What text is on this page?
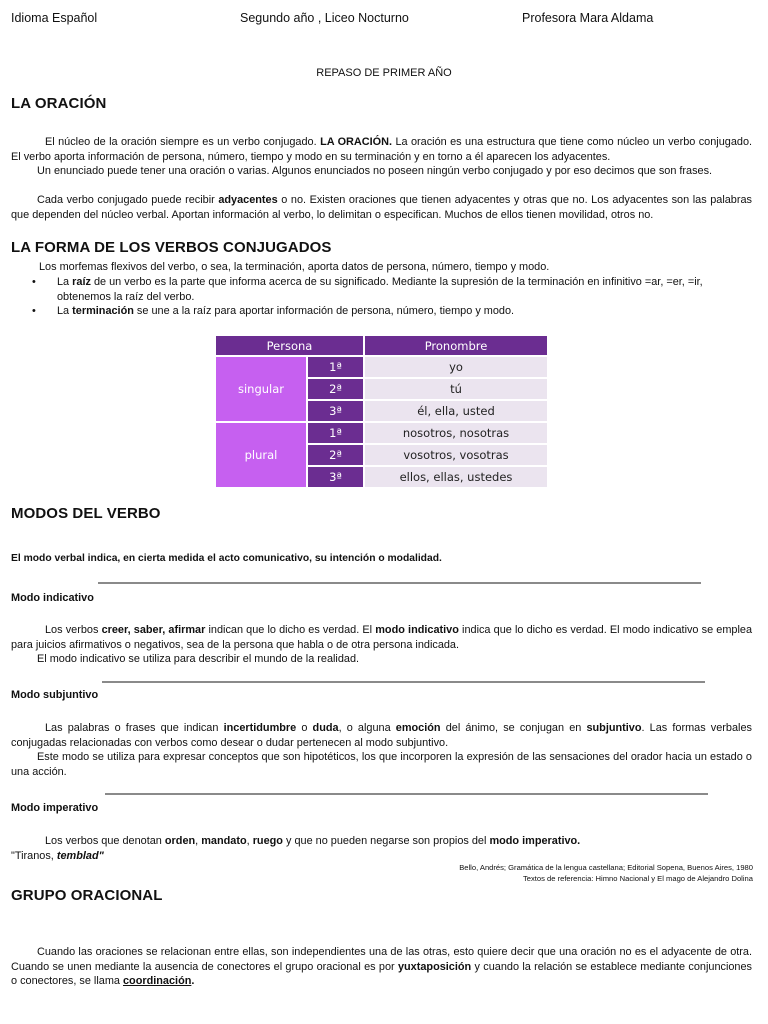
Idioma Español	Segundo año , Liceo Nocturno	Profesora Mara Aldama
REPASO DE PRIMER AÑO
LA ORACIÓN

El núcleo de la oración siempre es un verbo conjugado. LA ORACIÓN. La oración es una estructura que tiene como núcleo un verbo conjugado. El verbo aporta información de persona, número, tiempo y modo en su terminación y en torno a él aparecen los adyacentes.

Un enunciado puede tener una oración o varias. Algunos enunciados no poseen ningún verbo conjugado y por eso decimos que son frases.

Cada verbo conjugado puede recibir adyacentes o no. Existen oraciones que tienen adyacentes y otras que no. Los adyacentes son las palabras que dependen del núcleo verbal. Aportan información al verbo, lo delimitan o especifican. Muchos de ellos tienen movilidad, otros no.

LA FORMA DE LOS VERBOS CONJUGADOS

Los morfemas flexivos del verbo, o sea, la terminación, aporta datos de persona, número, tiempo y modo.

• La raíz de un verbo es la parte que informa acerca de su significado. Mediante la supresión de la terminación en infinitivo =ar, =er, =ir, obtenemos la raíz del verbo.
• La terminación se une a la raíz para aportar información de persona, número, tiempo y modo.
Persona		Pronombre
singular	1ª	yo
	2ª	tú
	3ª	él, ella, usted
plural	1ª	nosotros, nosotras
	2ª	vosotros, vosotras
	3ª	ellos, ellas, ustedes
MODOS DEL VERBO

El modo verbal indica, en cierta medida el acto comunicativo, su intención o modalidad.

Modo indicativo

Los verbos creer, saber, afirmar indican que lo dicho es verdad. El modo indicativo indica que lo dicho es verdad. El modo indicativo se emplea para juicios afirmativos o negativos, sea de la persona que habla o de otra persona indicada.

El modo indicativo se utiliza para describir el mundo de la realidad.

Modo subjuntivo

Las palabras o frases que indican incertidumbre o duda, o alguna emoción del ánimo, se conjugan en subjuntivo. Las formas verbales conjugadas relacionadas con verbos como desear o dudar pertenecen al modo subjuntivo.

Este modo se utiliza para expresar conceptos que son hipotéticos, los que incorporen la expresión de las sensaciones del orador hacia un estado o una acción.

Modo imperativo

Los verbos que denotan orden, mandato, ruego y que no pueden negarse son propios del modo imperativo.

"Tiranos, temblad"

Bello, Andrés; Gramática de la lengua castellana; Editorial Sopena, Buenos Aires, 1980
Textos de referencia: Himno Nacional y El mago de Alejandro Dolina
GRUPO ORACIONAL

Cuando las oraciones se relacionan entre ellas, son independientes una de las otras, esto quiere decir que una oración no es el adyacente de otra. Cuando se unen mediante la ausencia de conectores el grupo oracional es por yuxtaposición y cuando la relación se establece mediante conjunciones o conectores, se llama coordinación.
